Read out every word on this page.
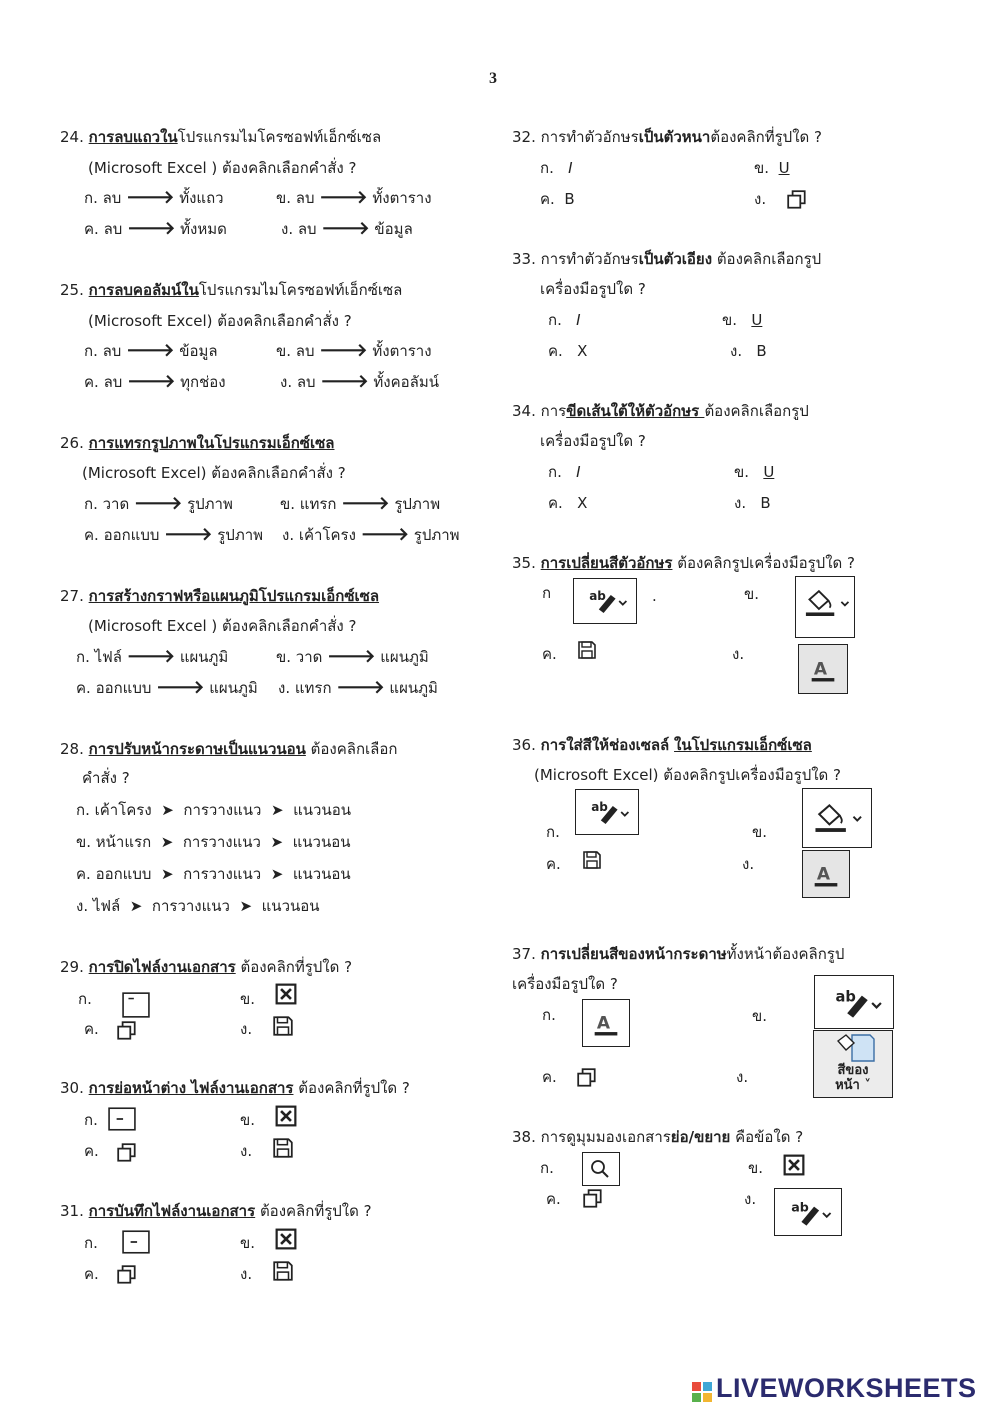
3
24. การลบแถวในโปรแกรมไมโครซอฟท์เอ็กซ์เซล
(Microsoft Excel ) ต้องคลิกเลือกคำสั่ง ?
ก. ลบ 🡒 ทั้งแถว	ข. ลบ 🡒 ทั้งตาราง
ค. ลบ 🡒 ทั้งหมด	ง. ลบ 🡒 ข้อมูล
25. การลบคอลัมน์ในโปรแกรมไมโครซอฟท์เอ็กซ์เซล
(Microsoft Excel) ต้องคลิกเลือกคำสั่ง ?
ก. ลบ 🡒 ข้อมูล	ข. ลบ 🡒 ทั้งตาราง
ค. ลบ 🡒 ทุกช่อง	ง. ลบ 🡒 ทั้งคอลัมน์
26. การแทรกรูปภาพในโปรแกรมเอ็กซ์เซล
(Microsoft Excel) ต้องคลิกเลือกคำสั่ง ?
ก. วาด 🡒 รูปภาพ	ข. แทรก 🡒 รูปภาพ
ค. ออกแบบ 🡒 รูปภาพ ง. เค้าโครง 🡒 รูปภาพ
27. การสร้างกราฟหรือแผนภูมิโปรแกรมเอ็กซ์เซล
(Microsoft Excel ) ต้องคลิกเลือกคำสั่ง ?
ก. ไฟล์ 🡒 แผนภูมิ	ข. วาด 🡒 แผนภูมิ
ค. ออกแบบ 🡒 แผนภูมิ ง. แทรก 🡒 แผนภูมิ
28. การปรับหน้ากระดาษเป็นแนวนอน ต้องคลิกเลือก
คำสั่ง ?
ก. เค้าโครง ➤ การวางแนว ➤ แนวนอน
ข. หน้าแรก ➤ การวางแนว ➤ แนวนอน
ค. ออกแบบ ➤ การวางแนว ➤ แนวนอน
ง. ไฟล์ ➤ การวางแนว ➤ แนวนอน
29. การปิดไฟล์งานเอกสาร ต้องคลิกที่รูปใด ?
ก.	ข.
ค.	ง.
30. การย่อหน้าต่าง ไฟล์งานเอกสาร ต้องคลิกที่รูปใด ?
ก.	ข.
ค.	ง.
31. การบันทึกไฟล์งานเอกสาร ต้องคลิกที่รูปใด ?
ก.	ข.
ค.	ง.
32. การทำตัวอักษรเป็นตัวหนาต้องคลิกที่รูปใด ?
ก. I	ข. U
ค. B	ง.
33. การทำตัวอักษรเป็นตัวเอียง ต้องคลิกเลือกรูป
เครื่องมือรูปใด ?
ก. I	ข. U
ค. X	ง. B
34. การขีดเส้นใต้ให้ตัวอักษร ต้องคลิกเลือกรูป
เครื่องมือรูปใด ?
ก. I	ข. U
ค. X	ง. B
35. การเปลี่ยนสีตัวอักษร ต้องคลิกรูปเครื่องมือรูปใด ?
ก	.	ข.
ค.	ง.
36. การใส่สีให้ช่องเซลล์ ในโปรแกรมเอ็กซ์เซล
(Microsoft Excel) ต้องคลิกรูปเครื่องมือรูปใด ?
ก.	ข.
ค.	ง.
37. การเปลี่ยนสีของหน้ากระดาษทั้งหน้าต้องคลิกรูป
เครื่องมือรูปใด ?
ก.	ข.
สีของ
หน้า ˅
ค.	ง.
38. การดูมุมมองเอกสารย่อ/ขยาย คือข้อใด ?
ก.	ข.
ค.	ง.
LIVEWORKSHEETS
